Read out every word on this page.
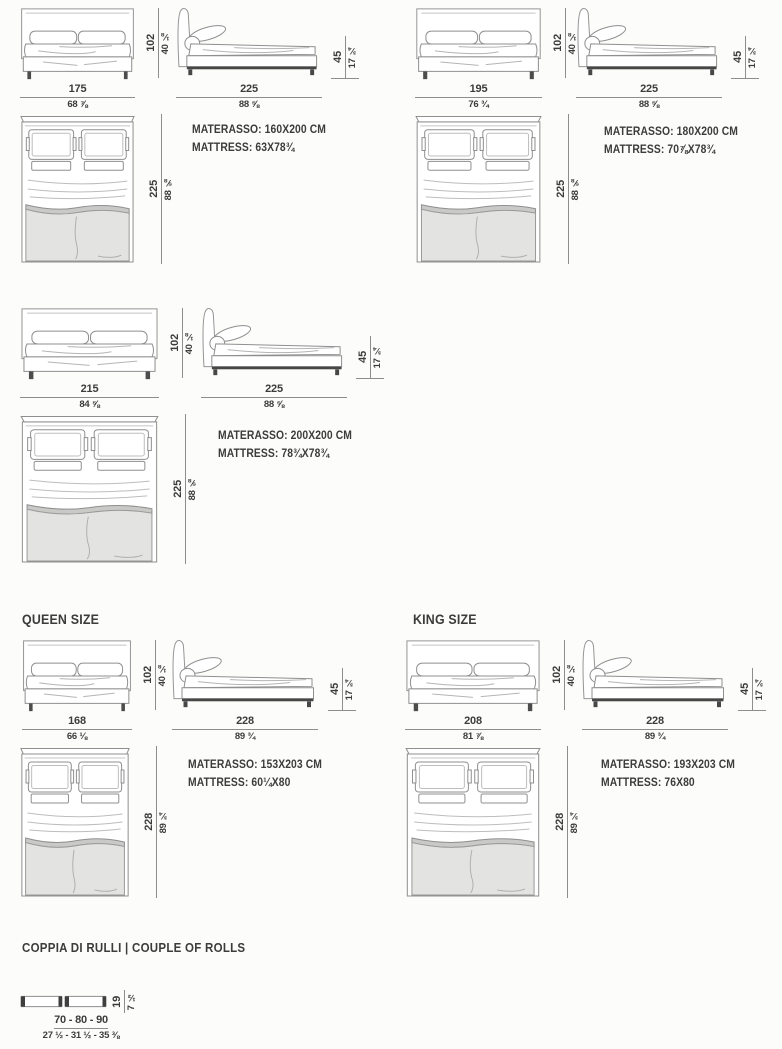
102 40 ⅛
175
68 ⅞
225
88 ⅝
45 17 ¾
225 88 ⅝
MATERASSO: 160X200 CM
MATTRESS: 63X78¾
102 40 ⅛
195
76 ¾
225
88 ⅝
45 17 ¾
225 88 ⅝
MATERASSO: 180X200 CM
MATTRESS: 70⅞X78¾
102 40 ⅛
215
84 ⅝
225
88 ⅝
45 17 ¾
225 88 ⅝
MATERASSO: 200X200 CM
MATTRESS: 78¾X78¾
QUEEN SIZE
102 40 ⅛
168
66 ⅛
228
89 ¾
45 17 ¾
228 89 ¾
MATERASSO: 153X203 CM
MATTRESS: 60¼X80
KING SIZE
102 40 ⅛
208
81 ⅞
228
89 ¾
45 17 ¾
228 89 ¾
MATERASSO: 193X203 CM
MATTRESS: 76X80
COPPIA DI RULLI | COUPLE OF ROLLS
19 7 ½
70 - 80 - 90
27 ½ - 31 ½ - 35 ⅜
